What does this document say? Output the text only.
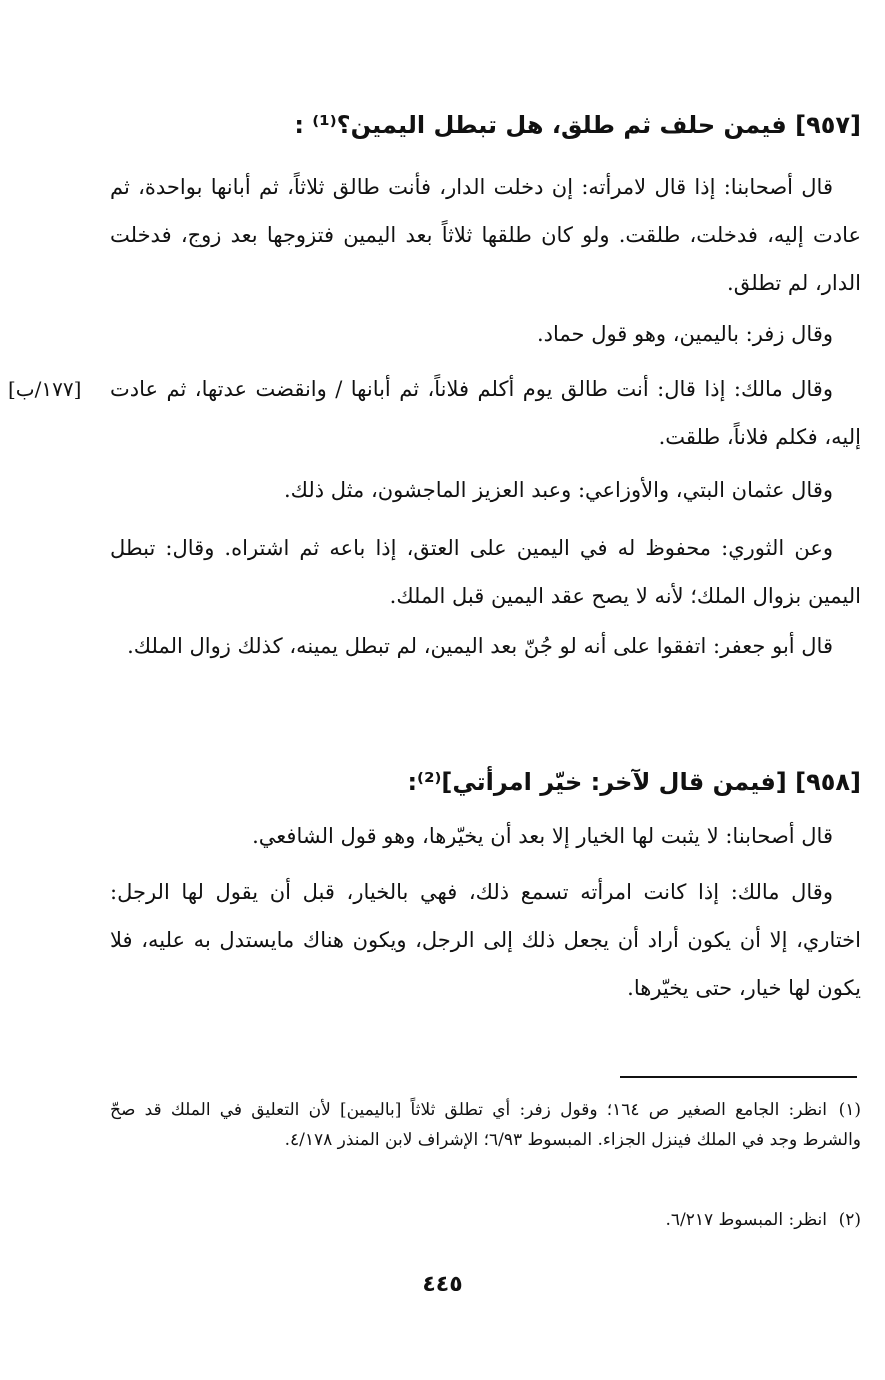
[٩٥٧] فيمن حلف ثم طلق، هل تبطل اليمين؟⁽¹⁾ :
قال أصحابنا: إذا قال لامرأته: إن دخلت الدار، فأنت طالق ثلاثاً، ثم أبانها بواحدة، ثم عادت إليه، فدخلت، طلقت. ولو كان طلقها ثلاثاً بعد اليمين فتزوجها بعد زوج، فدخلت الدار، لم تطلق.
وقال زفر: باليمين، وهو قول حماد.
وقال مالك: إذا قال: أنت طالق يوم أكلم فلاناً، ثم أبانها / وانقضت عدتها، ثم عادت إليه، فكلم فلاناً، طلقت.
[١٧٧/ب]
وقال عثمان البتي، والأوزاعي: وعبد العزيز الماجشون، مثل ذلك.
وعن الثوري: محفوظ له في اليمين على العتق، إذا باعه ثم اشتراه. وقال: تبطل اليمين بزوال الملك؛ لأنه لا يصح عقد اليمين قبل الملك.
قال أبو جعفر: اتفقوا على أنه لو جُنّ بعد اليمين، لم تبطل يمينه، كذلك زوال الملك.
[٩٥٨] [فيمن قال لآخر: خيّر امرأتي]⁽²⁾:
قال أصحابنا: لا يثبت لها الخيار إلا بعد أن يخيّرها، وهو قول الشافعي.
وقال مالك: إذا كانت امرأته تسمع ذلك، فهي بالخيار، قبل أن يقول لها الرجل: اختاري، إلا أن يكون أراد أن يجعل ذلك إلى الرجل، ويكون هناك مايستدل به عليه، فلا يكون لها خيار، حتى يخيّرها.
(١)انظر: الجامع الصغير ص ١٦٤؛ وقول زفر: أي تطلق ثلاثاً [باليمين] لأن التعليق في الملك قد صحّ والشرط وجد في الملك فينزل الجزاء. المبسوط ٦/٩٣؛ الإشراف لابن المنذر ٤/١٧٨.
(٢)انظر: المبسوط ٦/٢١٧.
٤٤٥
